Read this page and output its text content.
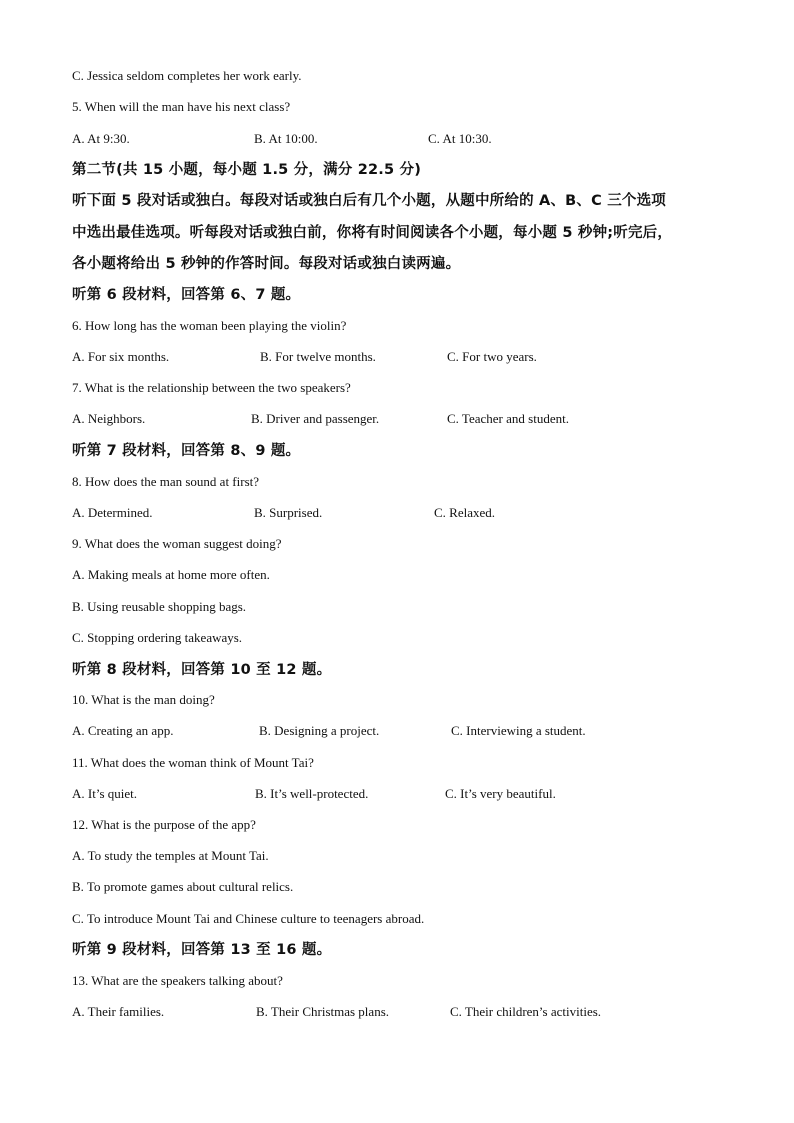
C. Jessica seldom completes her work early.
5. When will the man have his next class?
A. At 9:30.	B. At 10:00.	C. At 10:30.
第二节(共 15 小题，每小题 1.5 分，满分 22.5 分)
听下面 5 段对话或独白。每段对话或独白后有几个小题，从题中所给的 A、B、C 三个选项
中选出最佳选项。听每段对话或独白前，你将有时间阅读各个小题，每小题 5 秒钟;听完后，
各小题将给出 5 秒钟的作答时间。每段对话或独白读两遍。
听第 6 段材料，回答第 6、7 题。
6. How long has the woman been playing the violin?
A. For six months.	B. For twelve months.	C. For two years.
7. What is the relationship between the two speakers?
A. Neighbors.	B. Driver and passenger.	C. Teacher and student.
听第 7 段材料，回答第 8、9 题。
8. How does the man sound at first?
A. Determined.	B. Surprised.	C. Relaxed.
9. What does the woman suggest doing?
A. Making meals at home more often.
B. Using reusable shopping bags.
C. Stopping ordering takeaways.
听第 8 段材料，回答第 10 至 12 题。
10. What is the man doing?
A. Creating an app.	B. Designing a project.	C. Interviewing a student.
11. What does the woman think of Mount Tai?
A. It’s quiet.	B. It’s well-protected.	C. It’s very beautiful.
12. What is the purpose of the app?
A. To study the temples at Mount Tai.
B. To promote games about cultural relics.
C. To introduce Mount Tai and Chinese culture to teenagers abroad.
听第 9 段材料，回答第 13 至 16 题。
13. What are the speakers talking about?
A. Their families.	B. Their Christmas plans.	C. Their children’s activities.
